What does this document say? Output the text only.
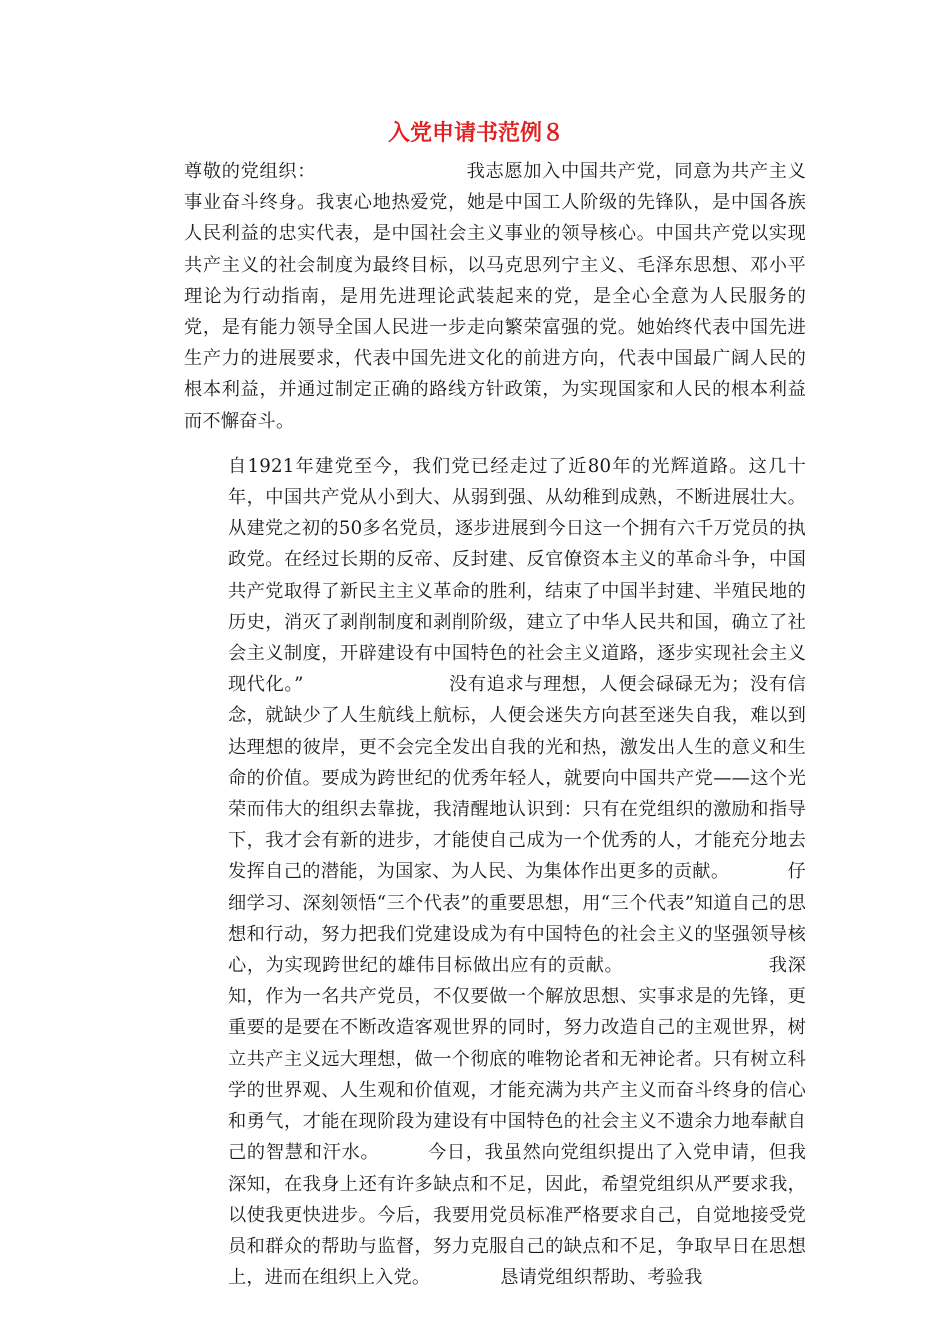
入党申请书范例８

尊敬的党组织：	我志愿加入中国共产党，同意为共产主义事业奋斗终身。我衷心地热爱党，她是中国工人阶级的先锋队，是中国各族人民利益的忠实代表，是中国社会主义事业的领导核心。中国共产党以实现共产主义的社会制度为最终目标，以马克思列宁主义、毛泽东思想、邓小平理论为行动指南，是用先进理论武装起来的党，是全心全意为人民服务的党，是有能力领导全国人民进一步走向繁荣富强的党。她始终代表中国先进生产力的进展要求，代表中国先进文化的前进方向，代表中国最广阔人民的根本利益，并通过制定正确的路线方针政策，为实现国家和人民的根本利益而不懈奋斗。

自1921年建党至今，我们党已经走过了近80年的光辉道路。这几十年，中国共产党从小到大、从弱到强、从幼稚到成熟，不断进展壮大。从建党之初的50多名党员，逐步进展到今日这一个拥有六千万党员的执政党。在经过长期的反帝、反封建、反官僚资本主义的革命斗争，中国共产党取得了新民主主义革命的胜利，结束了中国半封建、半殖民地的历史，消灭了剥削制度和剥削阶级，建立了中华人民共和国，确立了社会主义制度，开辟建设有中国特色的社会主义道路，逐步实现社会主义现代化。”	没有追求与理想，人便会碌碌无为；没有信念，就缺少了人生航线上航标，人便会迷失方向甚至迷失自我，难以到达理想的彼岸，更不会完全发出自我的光和热，激发出人生的意义和生命的价值。要成为跨世纪的优秀年轻人，就要向中国共产党——这个光荣而伟大的组织去靠拢，我清醒地认识到：只有在党组织的激励和指导下，我才会有新的进步，才能使自己成为一个优秀的人，才能充分地去发挥自己的潜能，为国家、为人民、为集体作出更多的贡献。	仔细学习、深刻领悟“三个代表”的重要思想，用“三个代表”知道自己的思想和行动，努力把我们党建设成为有中国特色的社会主义的坚强领导核心，为实现跨世纪的雄伟目标做出应有的贡献。	我深知，作为一名共产党员，不仅要做一个解放思想、实事求是的先锋，更重要的是要在不断改造客观世界的同时，努力改造自己的主观世界，树立共产主义远大理想，做一个彻底的唯物论者和无神论者。只有树立科学的世界观、人生观和价值观，才能充满为共产主义而奋斗终身的信心和勇气，才能在现阶段为建设有中国特色的社会主义不遗余力地奉献自己的智慧和汗水。	今日，我虽然向党组织提出了入党申请，但我深知，在我身上还有许多缺点和不足，因此，希望党组织从严要求我，以使我更快进步。今后，我要用党员标准严格要求自己，自觉地接受党员和群众的帮助与监督，努力克服自己的缺点和不足，争取早日在思想上，进而在组织上入党。	恳请党组织帮助、考验我
